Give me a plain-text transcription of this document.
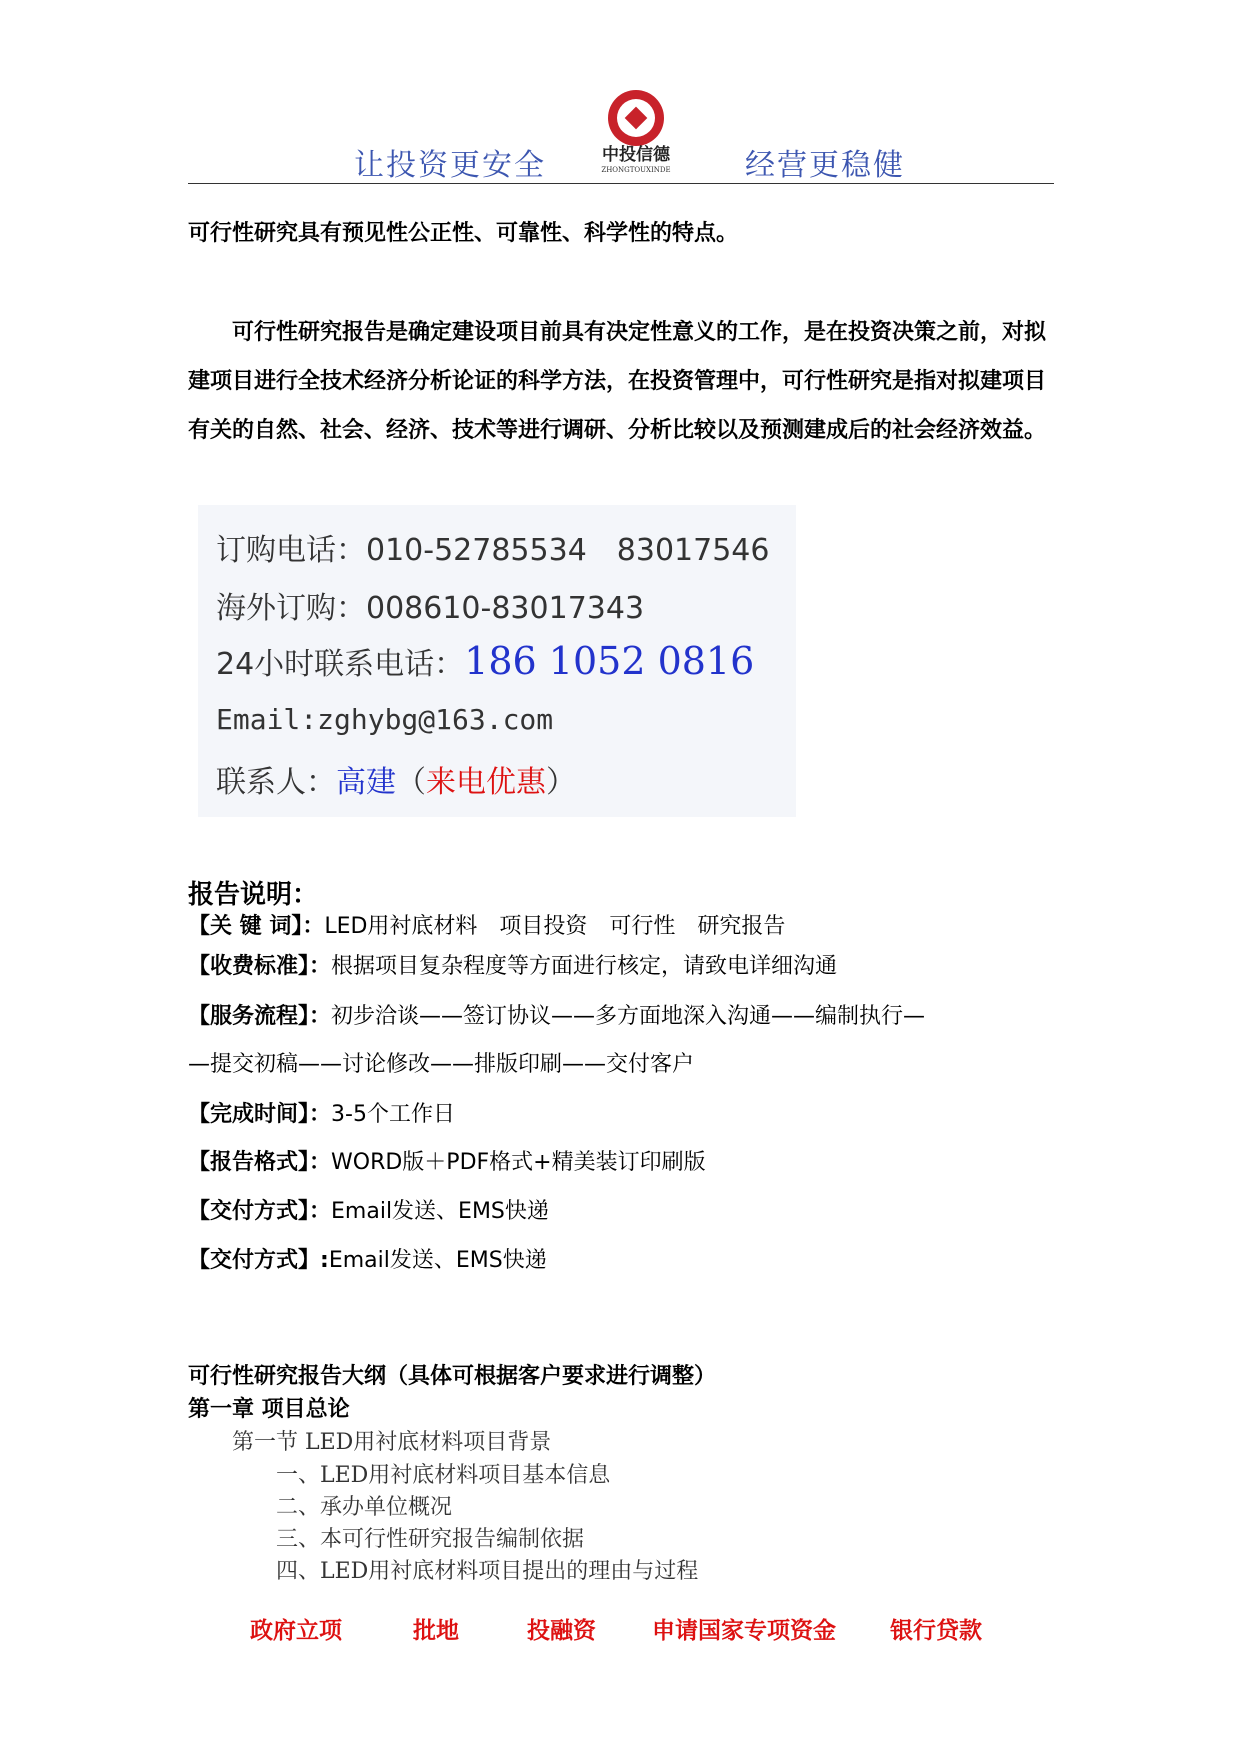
让投资更安全	中投信德
ZHONGTOUXINDE	经营更稳健
可行性研究具有预见性公正性、可靠性、科学性的特点。
可行性研究报告是确定建设项目前具有决定性意义的工作，是在投资决策之前，对拟建项目进行全技术经济分析论证的科学方法，在投资管理中，可行性研究是指对拟建项目有关的自然、社会、经济、技术等进行调研、分析比较以及预测建成后的社会经济效益。
订购电话：010-52785534　83017546
海外订购：008610-83017343
24小时联系电话：186 1052 0816
Email:zghybg@163.com
联系人：高建（来电优惠）
报告说明：
【关 键 词】：LED用衬底材料　项目投资　可行性　研究报告
【收费标准】：根据项目复杂程度等方面进行核定，请致电详细沟通
【服务流程】：初步洽谈——签订协议——多方面地深入沟通——编制执行—
—提交初稿——讨论修改——排版印刷——交付客户
【完成时间】：3-5个工作日
【报告格式】：WORD版＋PDF格式+精美装订印刷版
【交付方式】：Email发送、EMS快递
【交付方式】:Email发送、EMS快递
可行性研究报告大纲（具体可根据客户要求进行调整）
第一章 项目总论
第一节 LED用衬底材料项目背景
一、LED用衬底材料项目基本信息
二、承办单位概况
三、本可行性研究报告编制依据
四、LED用衬底材料项目提出的理由与过程
政府立项	批地	投融资 申请国家专项资金 银行贷款
